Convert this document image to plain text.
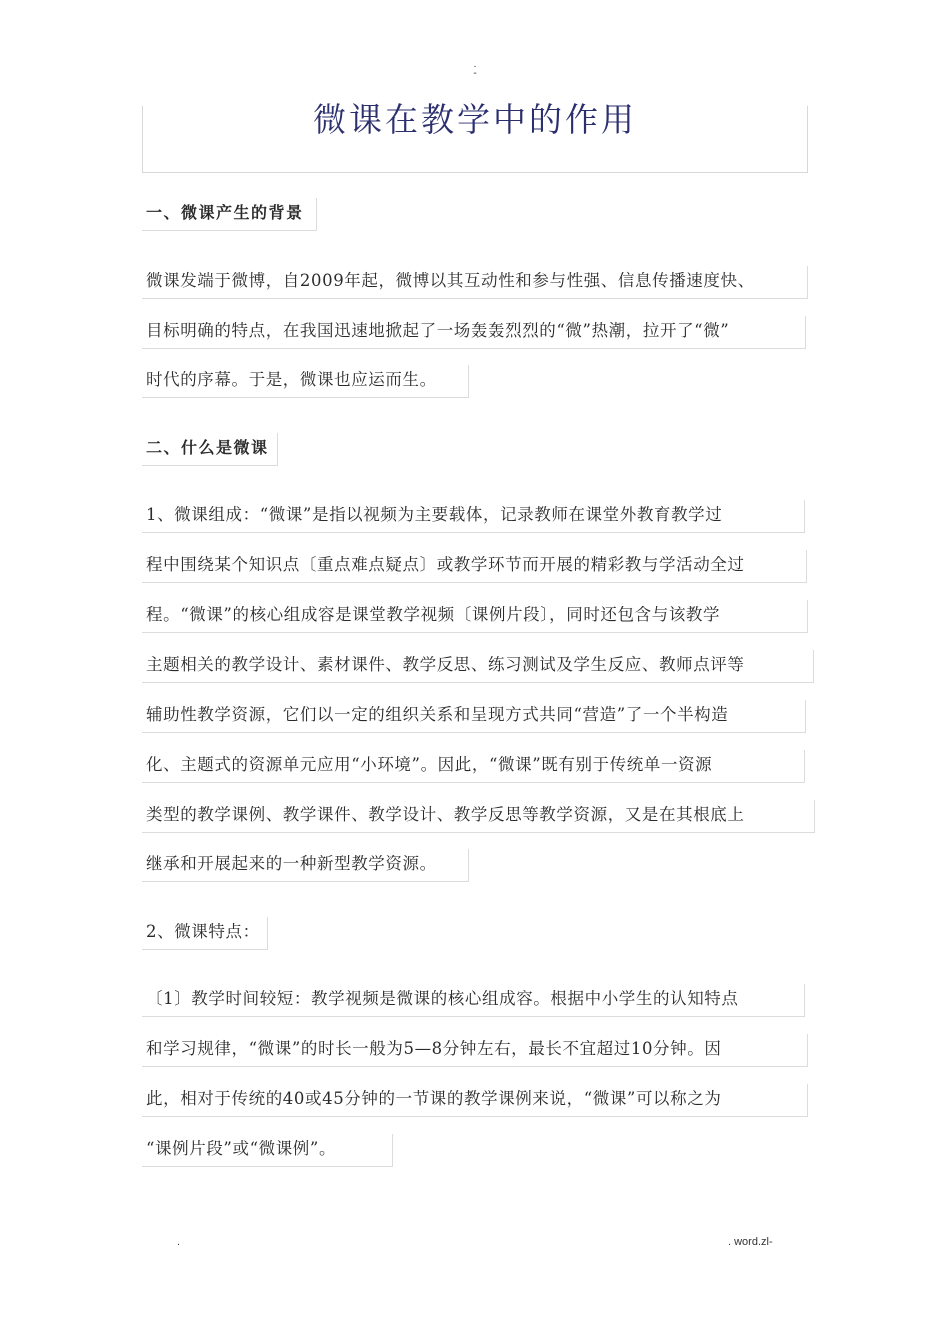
.
-
微课在教学中的作用
一、微课产生的背景
微课发端于微博，自2009年起，微博以其互动性和参与性强、信息传播速度快、
目标明确的特点，在我国迅速地掀起了一场轰轰烈烈的“微”热潮，拉开了“微”
时代的序幕。于是，微课也应运而生。
二、什么是微课
1、微课组成：“微课”是指以视频为主要载体，记录教师在课堂外教育教学过
程中围绕某个知识点〔重点难点疑点〕或教学环节而开展的精彩教与学活动全过
程。“微课”的核心组成容是课堂教学视频〔课例片段〕，同时还包含与该教学
主题相关的教学设计、素材课件、教学反思、练习测试及学生反应、教师点评等
辅助性教学资源，它们以一定的组织关系和呈现方式共同“营造”了一个半构造
化、主题式的资源单元应用“小环境”。因此，“微课”既有别于传统单一资源
类型的教学课例、教学课件、教学设计、教学反思等教学资源，又是在其根底上
继承和开展起来的一种新型教学资源。
2、微课特点：
〔1〕教学时间较短：教学视频是微课的核心组成容。根据中小学生的认知特点
和学习规律，“微课”的时长一般为5—8分钟左右，最长不宜超过10分钟。因
此，相对于传统的40或45分钟的一节课的教学课例来说，“微课”可以称之为
“课例片段”或“微课例”。
.	. word.zl-
